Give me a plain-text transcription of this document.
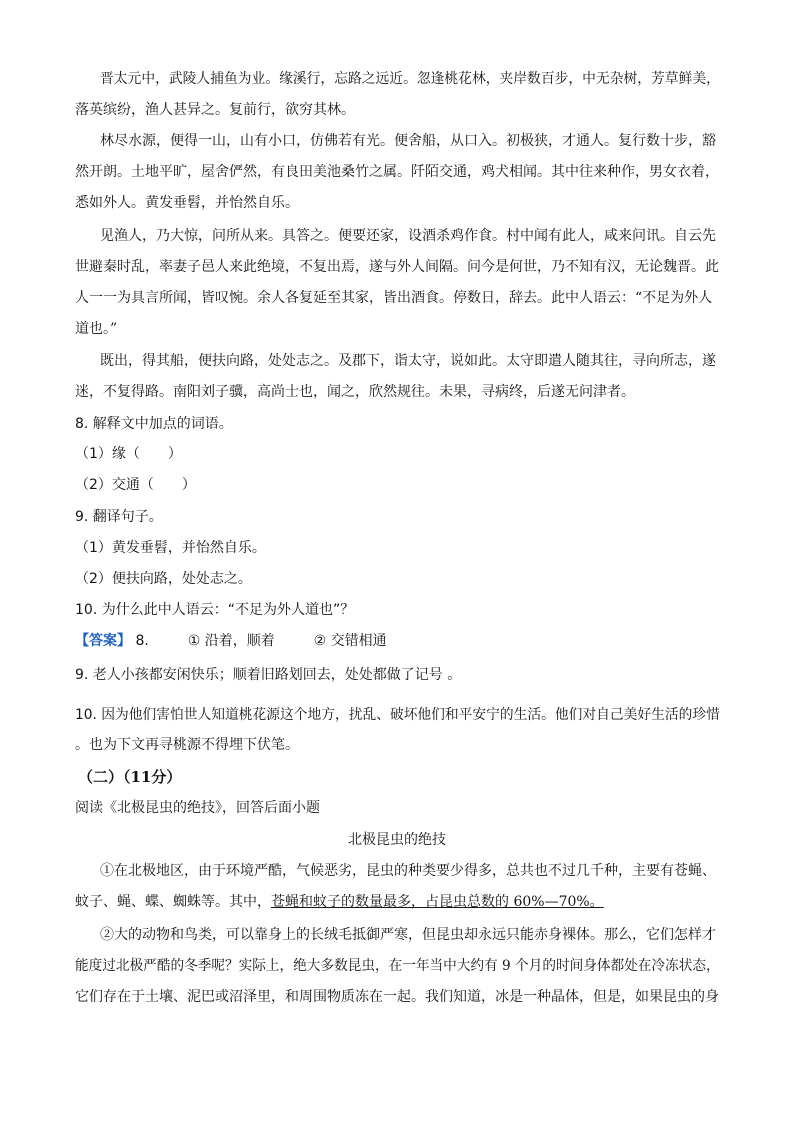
晋太元中，武陵人捕鱼为业。缘溪行，忘路之远近。忽逢桃花林，夹岸数百步，中无杂树，芳草鲜美，
落英缤纷，渔人甚异之。复前行，欲穷其林。
林尽水源，便得一山，山有小口，仿佛若有光。便舍船，从口入。初极狭，才通人。复行数十步，豁
然开朗。土地平旷，屋舍俨然，有良田美池桑竹之属。阡陌交通，鸡犬相闻。其中往来种作，男女衣着，
悉如外人。黄发垂髫，并怡然自乐。
见渔人，乃大惊，问所从来。具答之。便要还家，设酒杀鸡作食。村中闻有此人，咸来问讯。自云先
世避秦时乱，率妻子邑人来此绝境，不复出焉，遂与外人间隔。问今是何世，乃不知有汉，无论魏晋。此
人一一为具言所闻，皆叹惋。余人各复延至其家，皆出酒食。停数日，辞去。此中人语云：“不足为外人
道也。”
既出，得其船，便扶向路，处处志之。及郡下，诣太守，说如此。太守即遣人随其往，寻向所志，遂
迷，不复得路。南阳刘子骥，高尚士也，闻之，欣然规往。未果，寻病终，后遂无问津者。
8. 解释文中加点的词语。
（1）缘（　　）
（2）交通（　　）
9. 翻译句子。
（1）黄发垂髫，并怡然自乐。
（2）便扶向路，处处志之。
10. 为什么此中人语云：“不足为外人道也”？
【答案】 8.	① 沿着，顺着	② 交错相通
9. 老人小孩都安闲快乐；顺着旧路划回去，处处都做了记号 。
10. 因为他们害怕世人知道桃花源这个地方，扰乱、破坏他们和平安宁的生活。他们对自己美好生活的珍惜
。也为下文再寻桃源不得埋下伏笔。
（二）（11分）
阅读《北极昆虫的绝技》，回答后面小题
北极昆虫的绝技
①在北极地区，由于环境严酷，气候恶劣，昆虫的种类要少得多，总共也不过几千种，主要有苍蝇、
蚊子、蝇、蝶、蜘蛛等。其中，苍蝇和蚊子的数量最多，占昆虫总数的 60%—70%。
②大的动物和鸟类，可以靠身上的长绒毛抵御严寒，但昆虫却永远只能赤身裸体。那么，它们怎样才
能度过北极严酷的冬季呢？实际上，绝大多数昆虫，在一年当中大约有 9 个月的时间身体都处在冷冻状态，
它们存在于土壤、泥巴或沼泽里，和周围物质冻在一起。我们知道，冰是一种晶体，但是，如果昆虫的身
